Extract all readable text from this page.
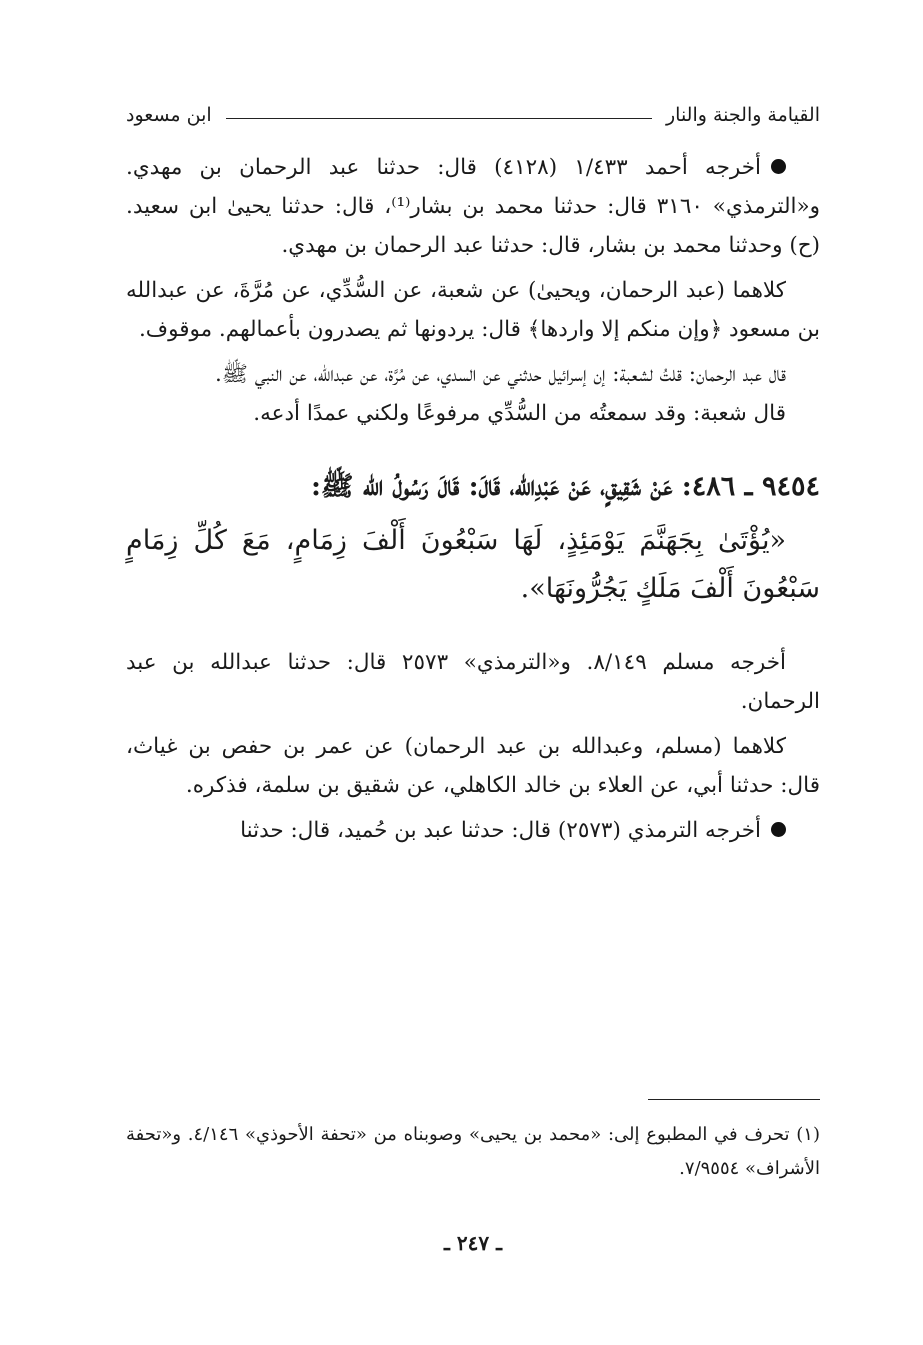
القيامة والجنة والنار
ابن مسعود

أخرجه أحمد ١/٤٣٣ (٤١٢٨) قال: حدثنا عبد الرحمان بن مهدي. و«الترمذي» ٣١٦٠ قال: حدثنا محمد بن بشار⁽¹⁾، قال: حدثنا يحيىٰ ابن سعيد. (ح) وحدثنا محمد بن بشار، قال: حدثنا عبد الرحمان بن مهدي.

كلاهما (عبد الرحمان، ويحيىٰ) عن شعبة، عن السُّدِّي، عن مُرَّةَ، عن عبدالله بن مسعود ﴿وإن منكم إلا واردها﴾ قال: يردونها ثم يصدرون بأعمالهم. موقوف.

قال عبد الرحمان: قلتُ لشعبة: إن إسرائيل حدثني عن السدي، عن مُرَّة، عن عبدالله، عن النبي ﷺ.

قال شعبة: وقد سمعتُه من السُّدِّي مرفوعًا ولكني عمدًا أدعه.

٩٤٥٤ ـ ٤٨٦: عَنْ شَقِيقٍ، عَنْ عَبْدِالله، قَالَ: قَالَ رَسُولُ الله ﷺ:

«يُؤْتَىٰ بِجَهَنَّمَ يَوْمَئِذٍ، لَهَا سَبْعُونَ أَلْفَ زِمَامٍ، مَعَ كُلِّ زِمَامٍ سَبْعُونَ أَلْفَ مَلَكٍ يَجُرُّونَهَا».

أخرجه مسلم ٨/١٤٩. و«الترمذي» ٢٥٧٣ قال: حدثنا عبدالله بن عبد الرحمان.

كلاهما (مسلم، وعبدالله بن عبد الرحمان) عن عمر بن حفص بن غياث، قال: حدثنا أبي، عن العلاء بن خالد الكاهلي، عن شقيق بن سلمة، فذكره.

أخرجه الترمذي (٢٥٧٣) قال: حدثنا عبد بن حُميد، قال: حدثنا

(١) تحرف في المطبوع إلى: «محمد بن يحيى» وصوبناه من «تحفة الأحوذي» ٤/١٤٦. و«تحفة الأشراف» ٧/٩٥٥٤.

ـ ٢٤٧ ـ
